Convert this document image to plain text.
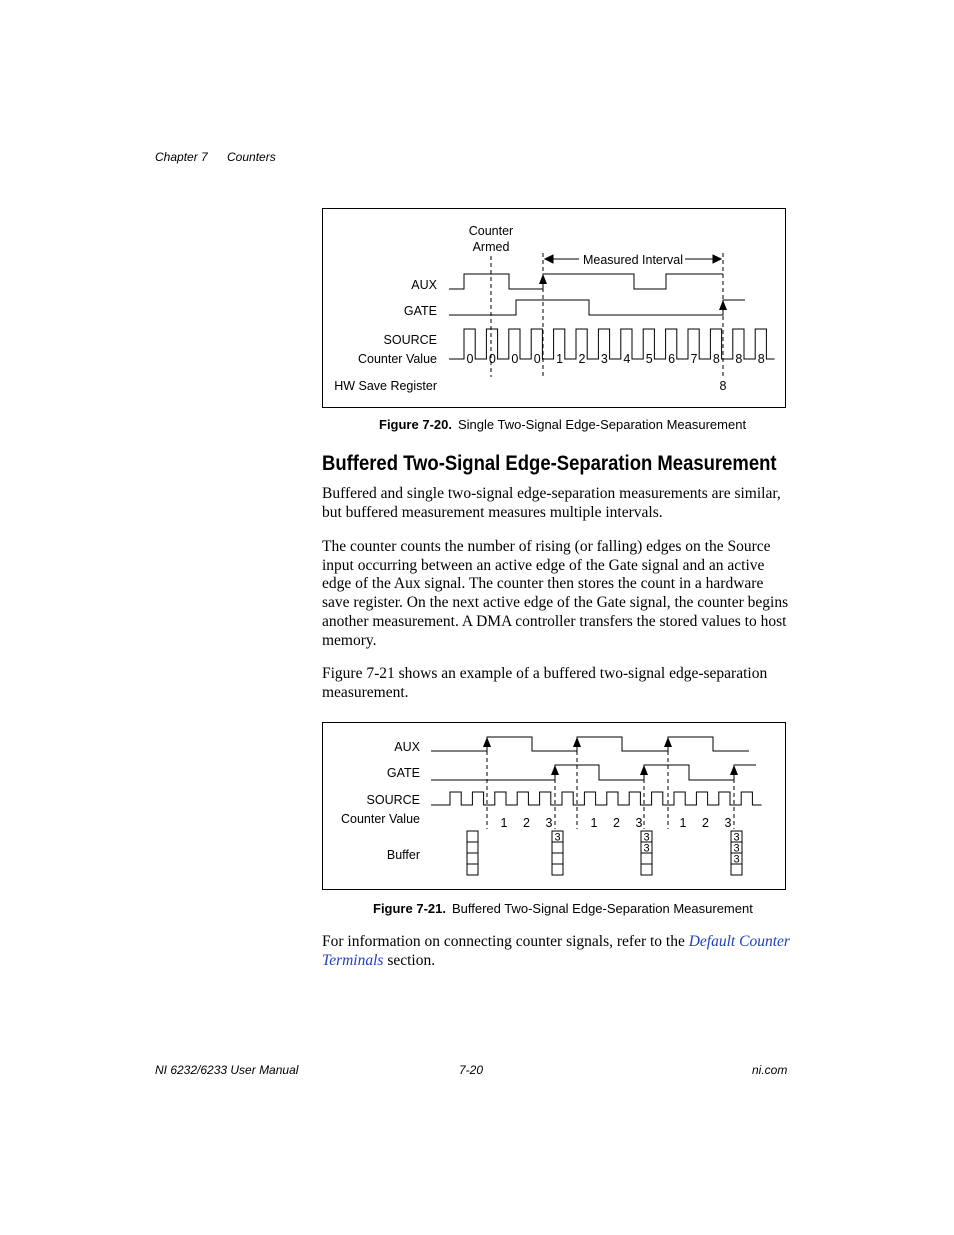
Chapter 7 Counters
Counter
Armed
Measured Interval
AUX
GATE
SOURCE
Counter Value
HW Save Register	8
0 0 0 0 1 2 3 4 5 6 7 8 8 8
Figure 7-20. Single Two-Signal Edge-Separation Measurement
Buffered Two-Signal Edge-Separation Measurement

Buffered and single two-signal edge-separation measurements are similar, but buffered measurement measures multiple intervals.

The counter counts the number of rising (or falling) edges on the Source input occurring between an active edge of the Gate signal and an active edge of the Aux signal. The counter then stores the count in a hardware save register. On the next active edge of the Gate signal, the counter begins another measurement. A DMA controller transfers the stored values to host memory.

Figure 7-21 shows an example of a buffered two-signal edge-separation measurement.

AUX
GATE
SOURCE
Counter Value
Buffer
1 2 3	1 2 3	1 2 3
3	3
3
3
3
3
Figure 7-21. Buffered Two-Signal Edge-Separation Measurement

For information on connecting counter signals, refer to the Default Counter Terminals section.

NI 6232/6233 User Manual	7-20	ni.com
